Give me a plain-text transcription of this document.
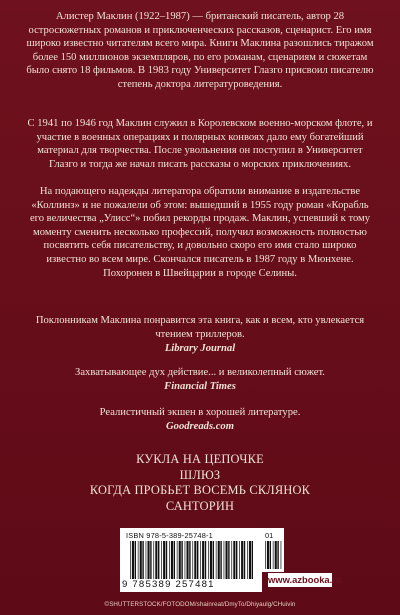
Алистер Маклин (1922–1987) — британский писатель, автор 28 остросюжетных романов и приключенческих рассказов, сценарист. Его имя широко известно читателям всего мира. Книги Маклина разошлись тиражом более 150 миллионов экземпляров, по его романам, сценариям и сюжетам было снято 18 фильмов. В 1983 году Университет Глазго присвоил писателю степень доктора литературоведения.

С 1941 по 1946 год Маклин служил в Королевском военно-морском флоте, и участие в военных операциях и полярных конвоях дало ему богатейший материал для творчества. После увольнения он поступил в Университет Глазго и тогда же начал писать рассказы о морских приключениях.

На подающего надежды литератора обратили внимание в издательстве «Коллинз» и не пожалели об этом: вышедший в 1955 году роман «Корабль его величества „Улисс“» побил рекорды продаж. Маклин, успевший к тому моменту сменить несколько профессий, получил возможность полностью посвятить себя писательству, и довольно скоро его имя стало широко известно во всем мире. Скончался писатель в 1987 году в Мюнхене. Похоронен в Швейцарии в городе Селины.

Поклонникам Маклина понравится эта книга, как и всем, кто увлекается чтением триллеров.
Library Journal
Захватывающее дух действие... и великолепный сюжет.
Financial Times
Реалистичный экшен в хорошей литературе.
Goodreads.com
КУКЛА НА ЦЕПОЧКЕ
ШЛЮЗ
КОГДА ПРОБЬЕТ ВОСЕМЬ СКЛЯНОК
САНТОРИН
ISBN 978-5-389-25748-1
9 785389 257481
01
www.azbooka.ru
©SHUTTERSTOCK/FOTODOM/shainreat/DmyTo/Dhiyaulg/CHuivin
